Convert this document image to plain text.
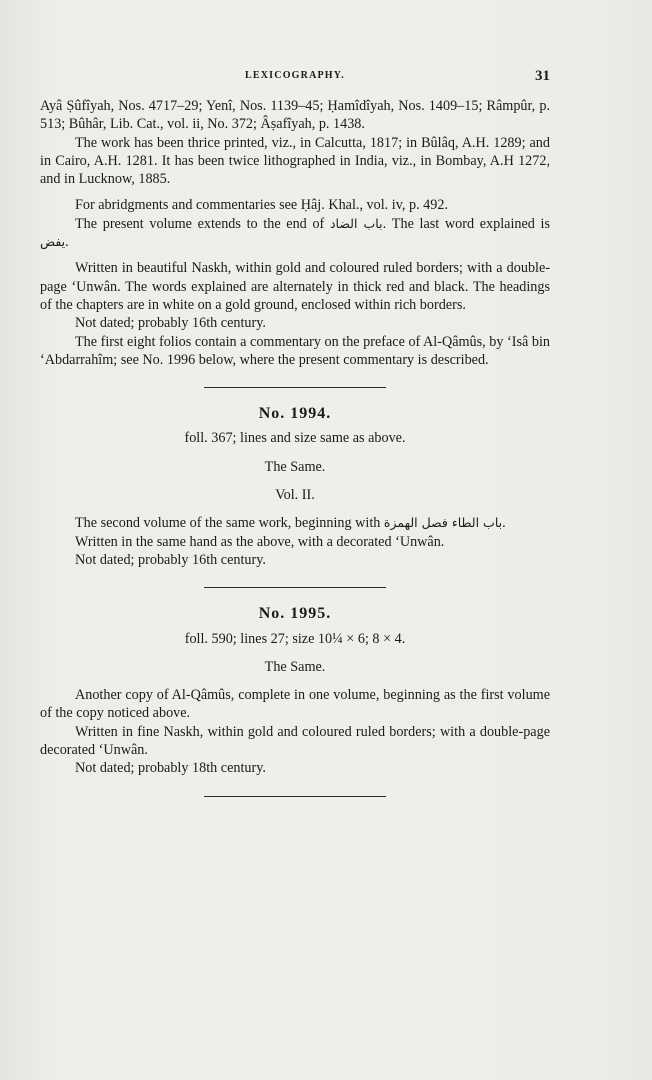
LEXICOGRAPHY.	31

Ayâ Ṣûfîyah, Nos. 4717–29; Yenî, Nos. 1139–45; Ḥamîdîyah, Nos. 1409–15; Râmpûr, p. 513; Bûhâr, Lib. Cat., vol. ii, No. 372; Âṣafîyah, p. 1438.

The work has been thrice printed, viz., in Calcutta, 1817; in Bûlâq, A.H. 1289; and in Cairo, A.H. 1281. It has been twice lithographed in India, viz., in Bombay, A.H 1272, and in Lucknow, 1885.

For abridgments and commentaries see Ḥâj. Khal., vol. iv, p. 492.

The present volume extends to the end of باب الضاد. The last word explained is يفض.

Written in beautiful Naskh, within gold and coloured ruled borders; with a double-page ‘Unwân. The words explained are alternately in thick red and black. The headings of the chapters are in white on a gold ground, enclosed within rich borders.

Not dated; probably 16th century.

The first eight folios contain a commentary on the preface of Al-Qâmûs, by ‘Isâ bin ‘Abdarrahîm; see No. 1996 below, where the present commentary is described.

No. 1994.

foll. 367; lines and size same as above.

The Same.

Vol. II.

The second volume of the same work, beginning with باب الطاء فصل الهمزة.

Written in the same hand as the above, with a decorated ‘Unwân.

Not dated; probably 16th century.

No. 1995.

foll. 590; lines 27; size 10¼ × 6; 8 × 4.

The Same.

Another copy of Al-Qâmûs, complete in one volume, beginning as the first volume of the copy noticed above.

Written in fine Naskh, within gold and coloured ruled borders; with a double-page decorated ‘Unwân.

Not dated; probably 18th century.
